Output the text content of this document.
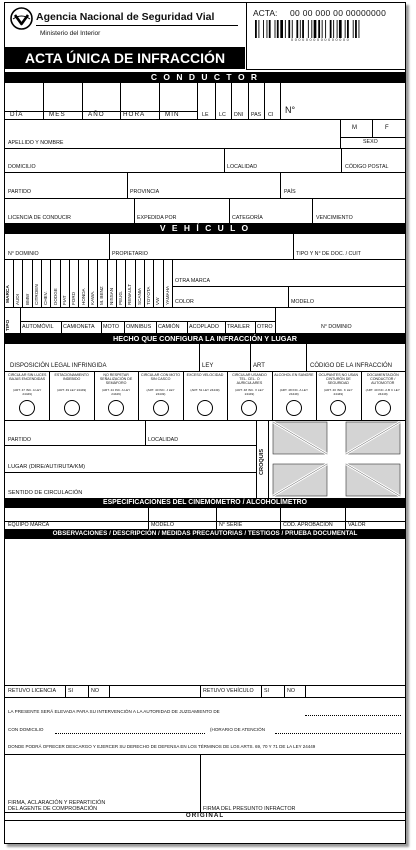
Agencia Nacional de Seguridad Vial
Ministerio del Interior
ACTA: 00 00 000 00 00000000
0000000000000000
ACTA ÚNICA DE INFRACCIÓN
C O N D U C T O R
DÍA	MES	AÑO	HORA	MIN	LE LC DNI PAS CI N°
M	F
SEXO
APELLIDO Y NOMBRE
DOMICILIO	LOCALIDAD	CÓDIGO POSTAL
PARTIDO	PROVINCIA	PAÍS
LICENCIA DE CONDUCIR	EXPEDIDA POR	CATEGORÍA	VENCIMIENTO
V E H Í C U L O
N° DOMINIO	PROPIETARIO	TIPO Y N° DE DOC. / CUIT
MARCA AUDI BMW CITROEN CHEV. DODGE FIAT FORD HONDA KAWA. M. BENZ NISSAN PEUG. RENAULT SCANIA TOYOTA VW YAMAHA
OTRA MARCA
COLOR	MODELO
TIPO AUTOMÓVIL CAMIONETA MOTO OMNIBUS CAMIÓN ACOPLADO TRAILER OTRO	N° DOMINIO
HECHO QUE CONFIGURA LA INFRACCIÓN Y LUGAR
DISPOSICIÓN LEGAL INFRINGIDA	LEY	ART	CÓDIGO DE LA INFRACCIÓN
CIRCULAR SIN LUCES BAJAS ENCENDIDAS
(ART. 47 INC. A LEY 24449)
ESTACIONAMIENTO INDEBIDO
(ART. 49 LEY 24449)
NO RESPETAR SEÑALIZACIÓN DE SEMÁFORO
(ART. 44 INC. A LEY 24449)
CIRCULAR CON MOTO SIN CASCO
(ART. 40 INC. J LEY 24449)
EXCESO VELOCIDAD
(ART. 51 LEY 24449)
CIRCULAR USANDO TEL. CEL. O AURICULARES
(ART. 48 INC. X LEY 24449)
ALCOHOL EN SANGRE
(ART. 48 INC. A LEY 24449)
OCUPANTES NO USAN CINTURÓN DE SEGURIDAD
(ART. 40 INC. K LEY 24449)
DOCUMENTACIÓN CONDUCTOR / AUTOMOTOR
(ART. 40 INC. A B C LEY 24449)
PARTIDO	LOCALIDAD
LUGAR (DIRE/AUT/RUTA/KM)
SENTIDO DE CIRCULACIÓN
CROQUIS
ESPECIFICACIONES DEL CINEMÓMETRO / ALCOHOLÍMETRO
EQUIPO MARCA	MODELO	N° SERIE	COD. APROBACIÓN	VALOR
OBSERVACIONES / DESCRIPCIÓN / MEDIDAS PRECAUTORIAS / TESTIGOS / PRUEBA DOCUMENTAL
RETUVO LICENCIA SI	NO	RETUVO VEHÍCULO SI	NO
LA PRESENTE SERÁ ELEVADA PARA SU INTERVENCIÓN A LA AUTORIDAD DE JUZGAMIENTO DE
CON DOMICILIO	(HORARIO DE ATENCIÓN
DONDE PODRÁ OFRECER DESCARGO Y EJERCER SU DERECHO DE DEFENSA EN LOS TÉRMINOS DE LOS ARTS. 69, 70 Y 71 DE LA LEY 24449
FIRMA, ACLARACIÓN Y REPARTICIÓN
DEL AGENTE DE COMPROBACIÓN	FIRMA DEL PRESUNTO INFRACTOR
ORIGINAL
